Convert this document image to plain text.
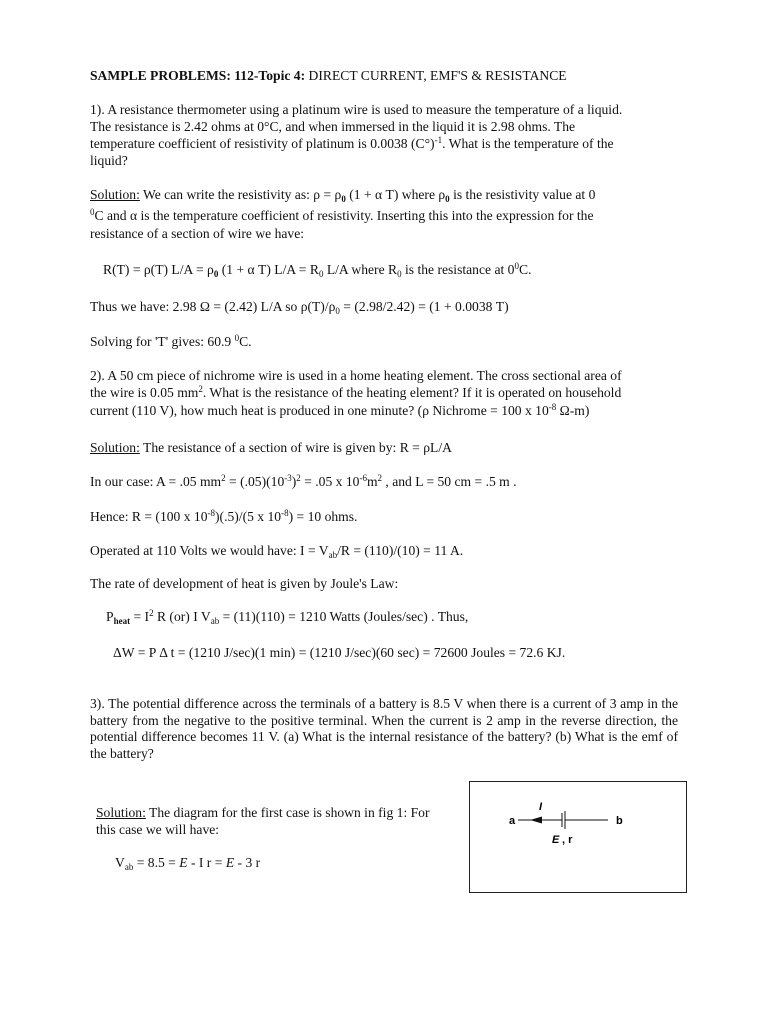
SAMPLE PROBLEMS: 112-Topic 4: DIRECT CURRENT, EMF'S & RESISTANCE

1). A resistance thermometer using a platinum wire is used to measure the temperature of a liquid.

The resistance is 2.42 ohms at 0°C, and when immersed in the liquid it is 2.98 ohms. The

temperature coefficient of resistivity of platinum is 0.0038 $(C^\circ)^{-1}$. What is the temperature of the

liquid?

Solution: We can write the resistivity as: $\rho = \rho_0$ (1 + α T) where $\rho_0$ is the resistivity value at 0

$^0$C and α is the temperature coefficient of resistivity. Inserting this into the expression for the

resistance of a section of wire we have:

R(T) = ρ(T) $L/A = \rho_0$ (1 + α T) $L/A = R_0$ L/A where $R_0$ is the resistance at $0^0C$.

Thus we have: 2.98 Ω = (2.42) L/A so $\rho(T)/\rho_0 = (2.98/2.42) = (1 + 0.0038$ T)

Solving for 'T' gives: 60.9 $^0$C.

2). A 50 cm piece of nichrome wire is used in a home heating element. The cross sectional area of

the wire is 0.05 $mm^2$. What is the resistance of the heating element? If it is operated on household

current (110 V), how much heat is produced in one minute? (ρ Nichrome = 100 x $10^{-8}$ Ω-m)

Solution: The resistance of a section of wire is given by: R = ρL/A

In our case: A = .05 $mm^2 = (.05)(10^{-3})^2 = .05$ x $10^{-6}m^2$ , and L = 50 cm = .5 m .

Hence: R = (100 x $10^{-8})(.5)/(5$ x $10^{-8}) = 10$ ohms.

Operated at 110 Volts we would have: $I = V_{ab}/R = (110)/(10) = 11$ A.

The rate of development of heat is given by Joule's Law:

$P_{heat} = I^2$ R (or) I $V_{ab} = (11)(110) = 1210$ Watts (Joules/sec) . Thus,

ΔW = P Δ t = (1210 J/sec)(1 min) = (1210 J/sec)(60 sec) = 72600 Joules = 72.6 KJ.

3). The potential difference across the terminals of a battery is 8.5 V when there is a current of 3 amp in the battery from the negative to the positive terminal. When the current is 2 amp in the reverse direction, the potential difference becomes 11 V. (a) What is the internal resistance of the battery? (b) What is the emf of the battery?

Solution: The diagram for the first case is shown in fig 1: For

this case we will have:

$V_{ab} = 8.5 = E - I$ r = E - 3 r

a	b
I
E , r
